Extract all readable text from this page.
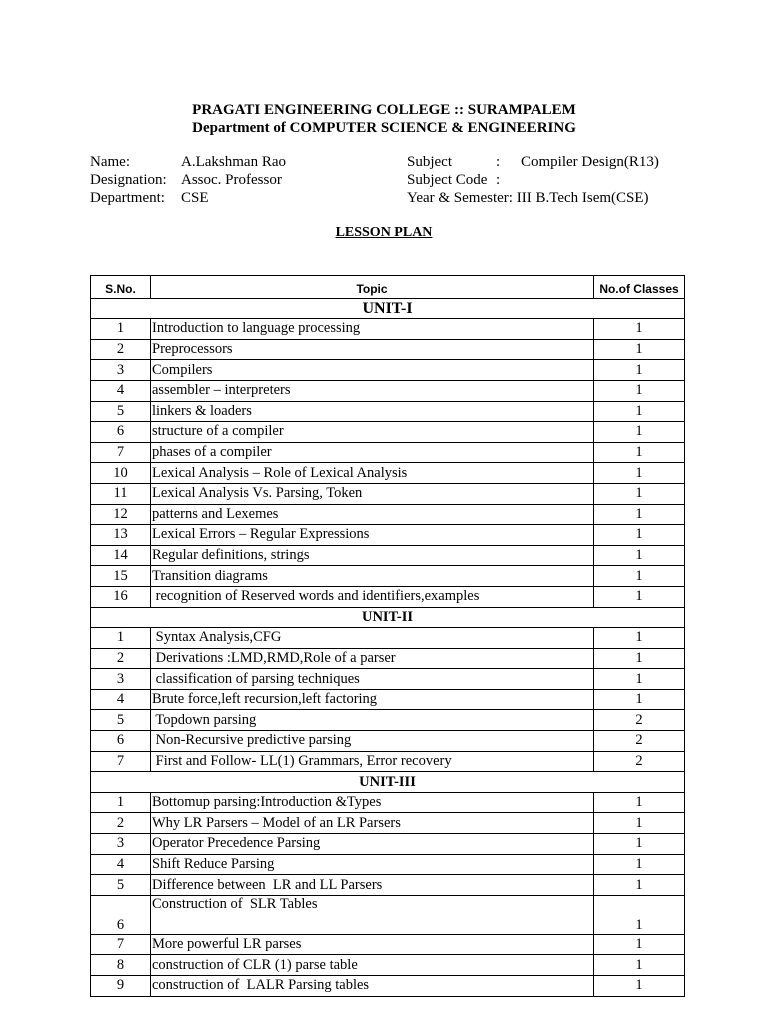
PRAGATI ENGINEERING COLLEGE :: SURAMPALEM
Department of COMPUTER SCIENCE & ENGINEERING
Name:	A.Lakshman Rao	Subject	: Compiler Design(R13)
Designation: Assoc. Professor	Subject Code :
Department: CSE	Year & Semester: III B.Tech Isem(CSE)
LESSON PLAN
S.No.	Topic	No.of Classes
UNIT-I		
1	Introduction to language processing	1
2	Preprocessors	1
3	Compilers	1
4	assembler – interpreters	1
5	linkers & loaders	1
6	structure of a compiler	1
7	phases of a compiler	1
10	Lexical Analysis – Role of Lexical Analysis	1
11	Lexical Analysis Vs. Parsing, Token	1
12	patterns and Lexemes	1
13	Lexical Errors – Regular Expressions	1
14	Regular definitions, strings	1
15	Transition diagrams	1
16	recognition of Reserved words and identifiers,examples	1
UNIT-II		
1	Syntax Analysis,CFG	1
2	Derivations :LMD,RMD,Role of a parser	1
3	classification of parsing techniques	1
4	Brute force,left recursion,left factoring	1
5	Topdown parsing	2
6	Non-Recursive predictive parsing	2
7	First and Follow- LL(1) Grammars, Error recovery	2
UNIT-III		
1	Bottomup parsing:Introduction &Types	1
2	Why LR Parsers – Model of an LR Parsers	1
3	Operator Precedence Parsing	1
4	Shift Reduce Parsing	1
5	Difference between  LR and LL Parsers	1
6	Construction of  SLR Tables	1
7	More powerful LR parses	1
8	construction of CLR (1) parse table	1
9	construction of  LALR Parsing tables	1
